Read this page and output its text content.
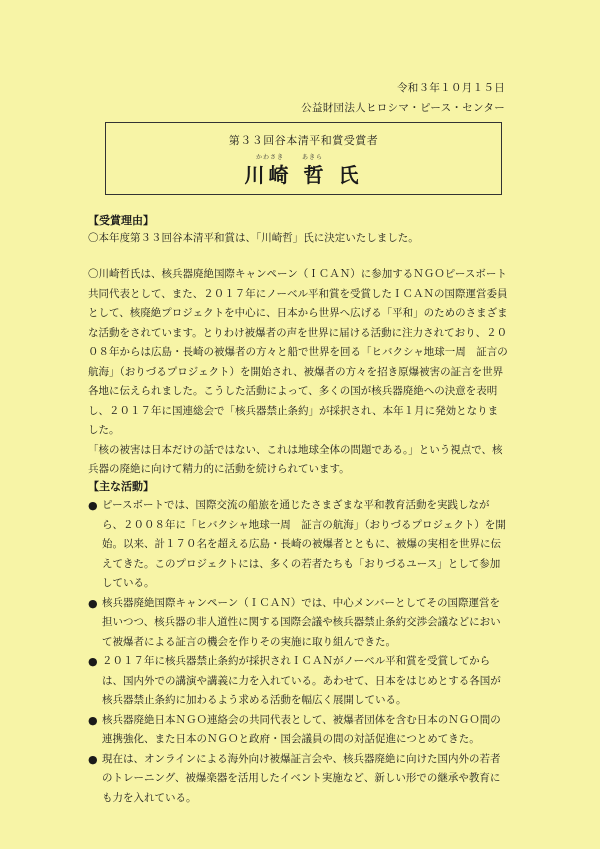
令和３年１０月１５日
公益財団法人ヒロシマ・ピース・センター
第３３回谷本清平和賞受賞者
かわさき	あきら
川崎 哲 氏
【受賞理由】

〇本年度第３３回谷本清平和賞は、「川崎哲」氏に決定いたしました。

〇川崎哲氏は、核兵器廃絶国際キャンペーン（ＩＣＡＮ）に参加するＮＧＯピースボート共同代表として、また、２０１７年にノーベル平和賞を受賞したＩＣＡＮの国際運営委員として、核廃絶プロジェクトを中心に、日本から世界へ広げる「平和」のためのさまざまな活動をされています。とりわけ被爆者の声を世界に届ける活動に注力されており、２００８年からは広島・長崎の被爆者の方々と船で世界を回る「ヒバクシャ地球一周　証言の航海」（おりづるプロジェクト）を開始され、被爆者の方々を招き原爆被害の証言を世界各地に伝えられました。こうした活動によって、多くの国が核兵器廃絶への決意を表明し、２０１７年に国連総会で「核兵器禁止条約」が採択され、本年１月に発効となりました。
「核の被害は日本だけの話ではない、これは地球全体の問題である。」という視点で、核兵器の廃絶に向けて精力的に活動を続けられています。
【主な活動】
● ピースボートでは、国際交流の船旅を通じたさまざまな平和教育活動を実践しながら、２００８年に「ヒバクシャ地球一周　証言の航海」（おりづるプロジェクト）を開始。以来、計１７０名を超える広島・長崎の被爆者とともに、被爆の実相を世界に伝えてきた。このプロジェクトには、多くの若者たちも「おりづるユース」として参加している。
● 核兵器廃絶国際キャンペーン（ＩＣＡＮ）では、中心メンバーとしてその国際運営を担いつつ、核兵器の非人道性に関する国際会議や核兵器禁止条約交渉会議などにおいて被爆者による証言の機会を作りその実施に取り組んできた。
● ２０１７年に核兵器禁止条約が採択されＩＣＡＮがノーベル平和賞を受賞してからは、国内外での講演や講義に力を入れている。あわせて、日本をはじめとする各国が核兵器禁止条約に加わるよう求める活動を幅広く展開している。
● 核兵器廃絶日本ＮＧＯ連絡会の共同代表として、被爆者団体を含む日本のＮＧＯ間の連携強化、また日本のＮＧＯと政府・国会議員の間の対話促進につとめてきた。
● 現在は、オンラインによる海外向け被爆証言会や、核兵器廃絶に向けた国内外の若者のトレーニング、被爆楽器を活用したイベント実施など、新しい形での継承や教育にも力を入れている。
